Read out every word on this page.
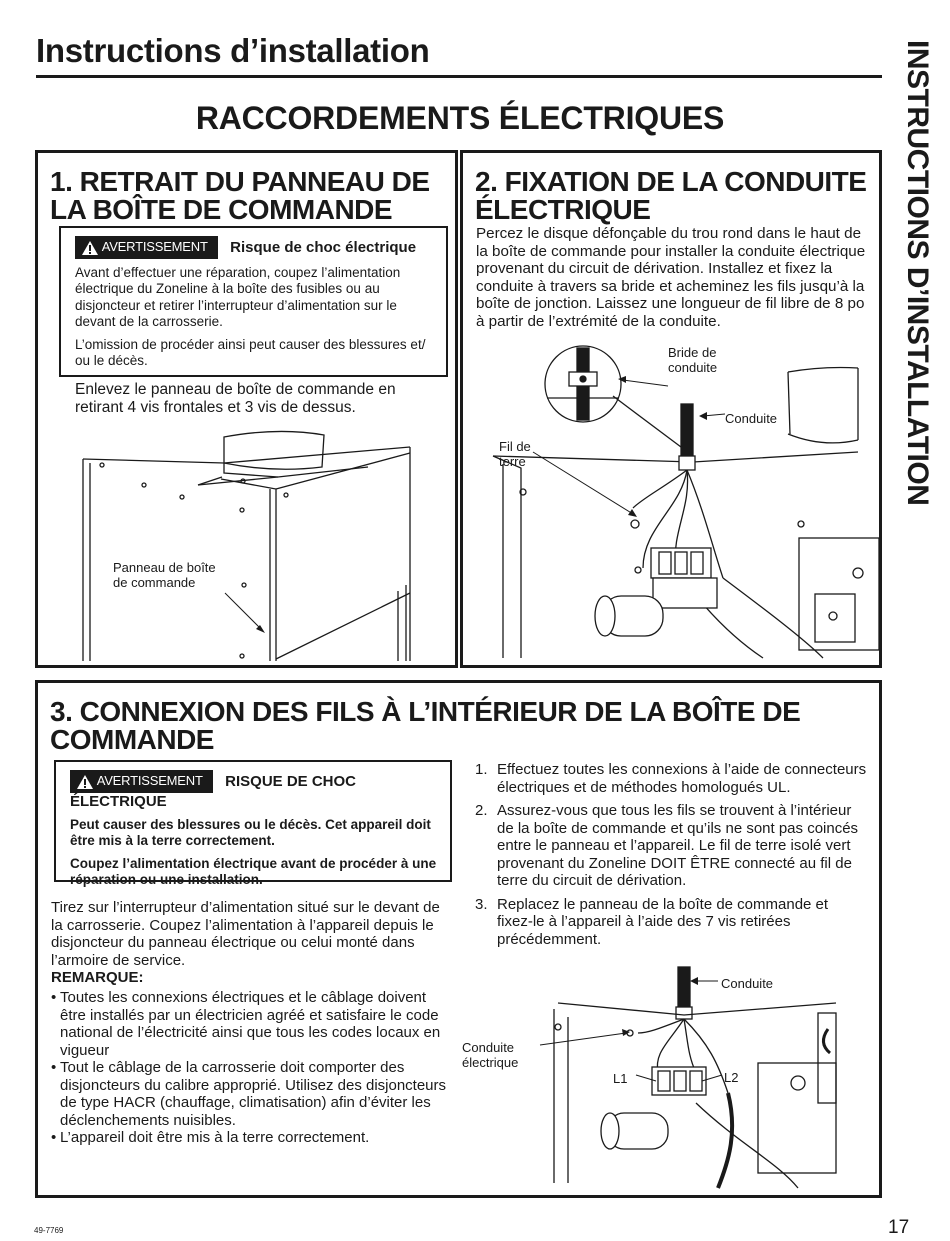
Instructions d’installation	INSTRUCTIONS D’INSTALLATION
RACCORDEMENTS ÉLECTRIQUES
1. RETRAIT DU PANNEAU DE
LA BOÎTE DE COMMANDE
AVERTISSEMENT Risque de choc électrique
Avant d’effectuer une réparation, coupez l’alimentation électrique du Zoneline à la boîte des fusibles ou au disjoncteur et retirer l’interrupteur d’alimentation sur le devant de la carrosserie.
L’omission de procéder ainsi peut causer des blessures et/ ou le décès.
Enlevez le panneau de boîte de commande en retirant 4 vis frontales et 3 vis de dessus.
Panneau de boîte
de commande
2. FIXATION DE LA CONDUITE
ÉLECTRIQUE
Percez le disque défonçable du trou rond dans le haut de la boîte de commande pour installer la conduite électrique provenant du circuit de dérivation. Installez et fixez la conduite à travers sa bride et acheminez les fils jusqu’à la boîte de jonction. Laissez une longueur de fil libre de 8 po à partir de l’extrémité de la conduite.
Bride de
conduite
Conduite
Fil de
terre
3. CONNEXION DES FILS À L’INTÉRIEUR DE LA BOÎTE DE
COMMANDE
AVERTISSEMENT RISQUE DE CHOC ÉLECTRIQUE
Peut causer des blessures ou le décès. Cet appareil doit être mis à la terre correctement.
Coupez l’alimentation électrique avant de procéder à une réparation ou une installation.
Tirez sur l’interrupteur d’alimentation situé sur le devant de la carrosserie. Coupez l’alimentation à l’appareil depuis le disjoncteur du panneau électrique ou celui monté dans l’armoire de service.
REMARQUE:
• Toutes les connexions électriques et le câblage doivent être installés par un électricien agréé et satisfaire le code national de l’électricité ainsi que tous les codes locaux en vigueur
• Tout le câblage de la carrosserie doit comporter des disjoncteurs du calibre approprié. Utilisez des disjoncteurs de type HACR (chauffage, climatisation) afin d’éviter les déclenchements nuisibles.
• L’appareil doit être mis à la terre correctement.
1. Effectuez toutes les connexions à l’aide de connecteurs électriques et de méthodes homologués UL.
2. Assurez-vous que tous les fils se trouvent à l’intérieur de la boîte de commande et qu’ils ne sont pas coincés entre le panneau et l’appareil. Le fil de terre isolé vert provenant du Zoneline DOIT ÊTRE connecté au fil de terre du circuit de dérivation.
3. Replacez le panneau de la boîte de commande et fixez-le à l’appareil à l’aide des 7 vis retirées précédemment.
Conduite
Conduite
électrique
L1	L2
49-7769	17
